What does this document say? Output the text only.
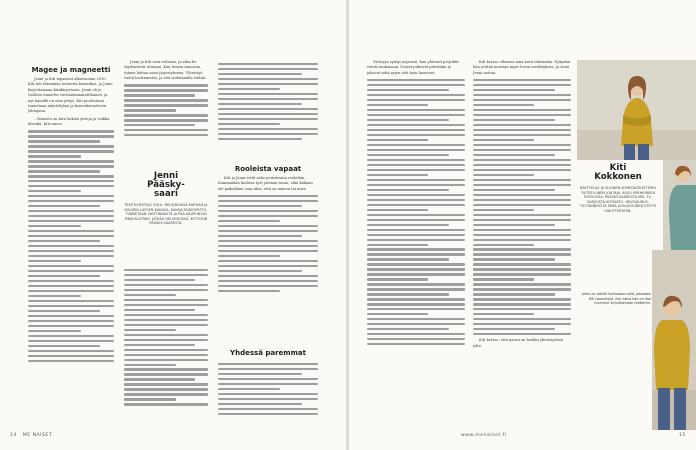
Magee ja magneetti

Jenni ja Kiti tapasivat alkuvuonna 2010. Kiti tuli tekemään teatterin komediaa, ja Jenni kirjoittamaan käsikirjoitusta. Jenni oli jo tuolloin tunnettu viestintäammattilainen, ja nyt hänellä on oma yritys. Kiti puolestaan tunnetaan näyttelijänä ja komediateatterin johtajana.

– Minusta on kiva keksiä juttuja ja vaikka ideoida, Kiti sanoo.

Jenni ja Kiti ovat erilaisia, ja siksi he täydentävät toisiaan. Kun toinen innostuu, toinen laittaa asiat järjestykseen. Yhteistyö vaatii luottamusta, ja sitä molemmilla riittää.

Jenni
Pääsky-
saari
TEKSTIVIESTEJÄ OULU. HELSINGISSÄ MATKAN JA KOLMEN LAPSEN KANSSA. KANSA-TAIDEOPISTO, TUNNETAAN VIESTINNÄSTÄ JA PÄÄ-KAUPUNGIN PIKKUSUUTARI. JATKAA HELSINGISSÄ. KOTOISIN PÄÄSKY-SAARESTA.
Rooleista vapaat

Kiti ja Jenni eivät usko perinteisiin rooleihin. Kummankin kodissa työt jaetaan tasan, eikä kukaan ole paikallaan vain siksi, että on nainen tai mies.

Yhdessä paremmat
14 ME NAISET

Ystävyys syntyi nopeasti, kun yhteiset projektit veivät mukanaan. Naiset puhuvat päivittäin ja jakavat sekä arjen että työn haasteet.

Kiti kertoo olleensa aina kova tekemään. Nykyään hän yrittää muistaa myös levon merkityksen, ja siinä Jenni auttaa.

Kiti kertoo, että nauru on heidän yhteistyönsä ydin.

Kiti
Kokkonen
NÄYTTELIJÄ JA SUOMEN KOMEDIATEATTERIN TAITEELLINEN JOHTAJA. ASUU PERHEINEEN ESPOOSSA. PÄÄSKY-SAARESTA MM. TV-SARJOISTA KOTIKATU. HEVISAURUS-TUOTANNOISTA SEKÄ JUHLAVUODEN ESITYS OIKUTTEESEEN.
Jenni on välillä huolissaan siitä, jaksaako Kiti rauhoittua. Sen takia hän on itse ruvennut kirjoittamaan teatteriin.
www.menaiset.fi	15
